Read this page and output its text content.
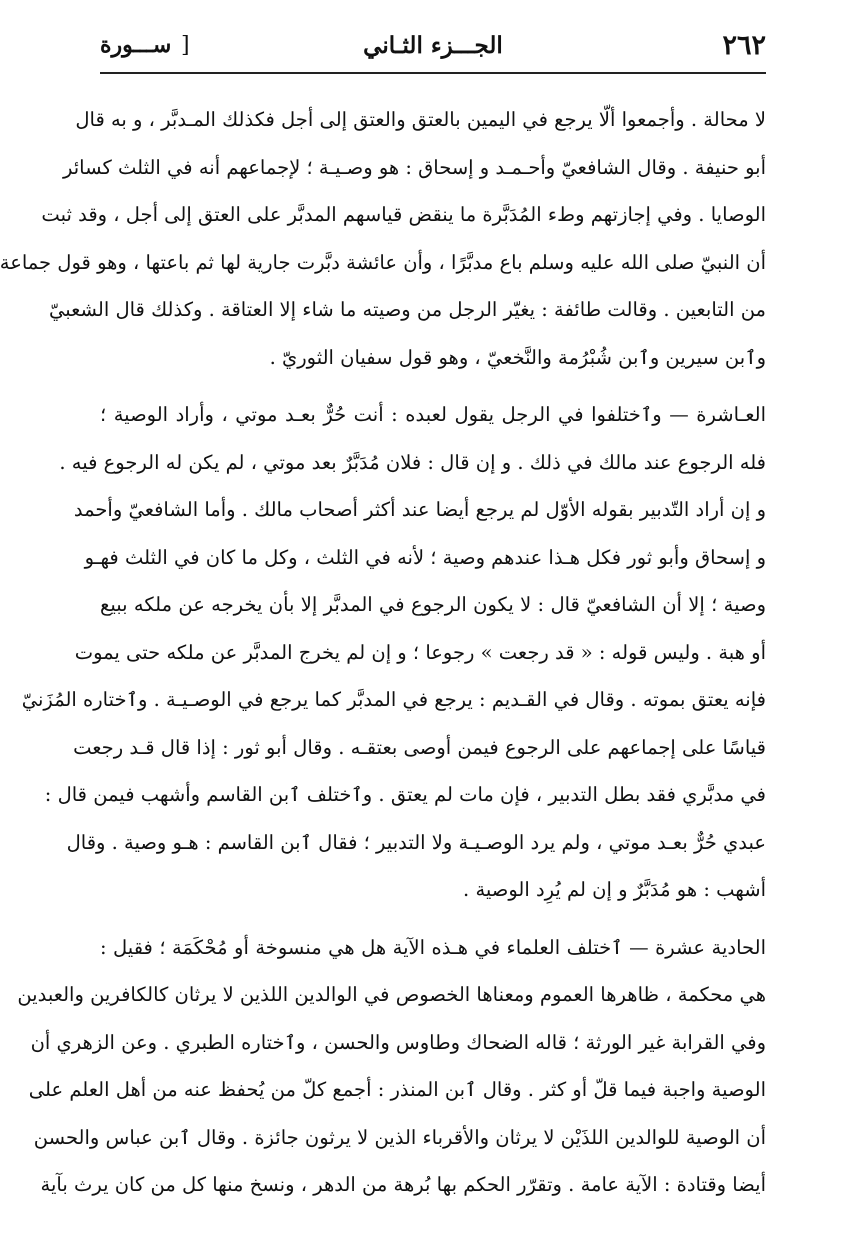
٢٦٢
الجـــزء الثـاني
[ ســـورة
لا محالة . وأجمعوا ألّا يرجع في اليمين بالعتق والعتق إلى أجل فكذلك المـدبَّر ، و به قال
أبو حنيفة . وقال الشافعيّ وأحـمـد و إسحاق : هو وصـيـة ؛ لإجماعهم أنه في الثلث كسائر
الوصايا . وفي إجازتهم وطء المُدَبَّرة ما ينقض قياسهم المدبَّر على العتق إلى أجل ، وقد ثبت
أن النبيّ صلى الله عليه وسلم باع مدبَّرًا ، وأن عائشة دبَّرت جارية لها ثم باعتها ، وهو قول جماعة
من التابعين . وقالت طائفة : يغيّر الرجل من وصيته ما شاء إلا العتاقة . وكذلك قال الشعبيّ
وٱبن سيرين وٱبن شُبْرُمة والنَّخعيّ ، وهو قول سفيان الثوريّ .
العـاشرة — وٱختلفوا في الرجل يقول لعبده : أنت حُرٌّ بعـد موتي ، وأراد الوصية ؛
فله الرجوع عند مالك في ذلك . و إن قال : فلان مُدَبَّرٌ بعد موتي ، لم يكن له الرجوع فيه .
و إن أراد التّدبير بقوله الأوّل لم يرجع أيضا عند أكثر أصحاب مالك . وأما الشافعيّ وأحمد
و إسحاق وأبو ثور فكل هـذا عندهم وصية ؛ لأنه في الثلث ، وكل ما كان في الثلث فهـو
وصية ؛ إلا أن الشافعيّ قال : لا يكون الرجوع في المدبَّر إلا بأن يخرجه عن ملكه ببيع
أو هبة . وليس قوله : « قد رجعت » رجوعا ؛ و إن لم يخرج المدبَّر عن ملكه حتى يموت
فإنه يعتق بموته . وقال في القـديم : يرجع في المدبَّر كما يرجع في الوصـيـة . وٱختاره المُزَنيّ
قياسًا على إجماعهم على الرجوع فيمن أوصى بعتقـه . وقال أبو ثور : إذا قال قـد رجعت
في مدبَّري فقد بطل التدبير ، فإن مات لم يعتق . وٱختلف ٱبن القاسم وأشهب فيمن قال :
عبدي حُرٌّ بعـد موتي ، ولم يرد الوصـيـة ولا التدبير ؛ فقال ٱبن القاسم : هـو وصية . وقال
أشهب : هو مُدَبَّرٌ و إن لم يُرِد الوصية .
الحادية عشرة — ٱختلف العلماء في هـذه الآية هل هي منسوخة أو مُحْكَمَة ؛ فقيل :
هي محكمة ، ظاهرها العموم ومعناها الخصوص في الوالدين اللذين لا يرثان كالكافرين والعبدين
وفي القرابة غير الورثة ؛ قاله الضحاك وطاوس والحسن ، وٱختاره الطبري . وعن الزهري أن
الوصية واجبة فيما قلّ أو كثر . وقال ٱبن المنذر : أجمع كلّ من يُحفظ عنه من أهل العلم على
أن الوصية للوالدين اللذَيْن لا يرثان والأقرباء الذين لا يرثون جائزة . وقال ٱبن عباس والحسن
أيضا وقتادة : الآية عامة . وتقرّر الحكم بها بُرهة من الدهر ، ونسخ منها كل من كان يرث بآية
